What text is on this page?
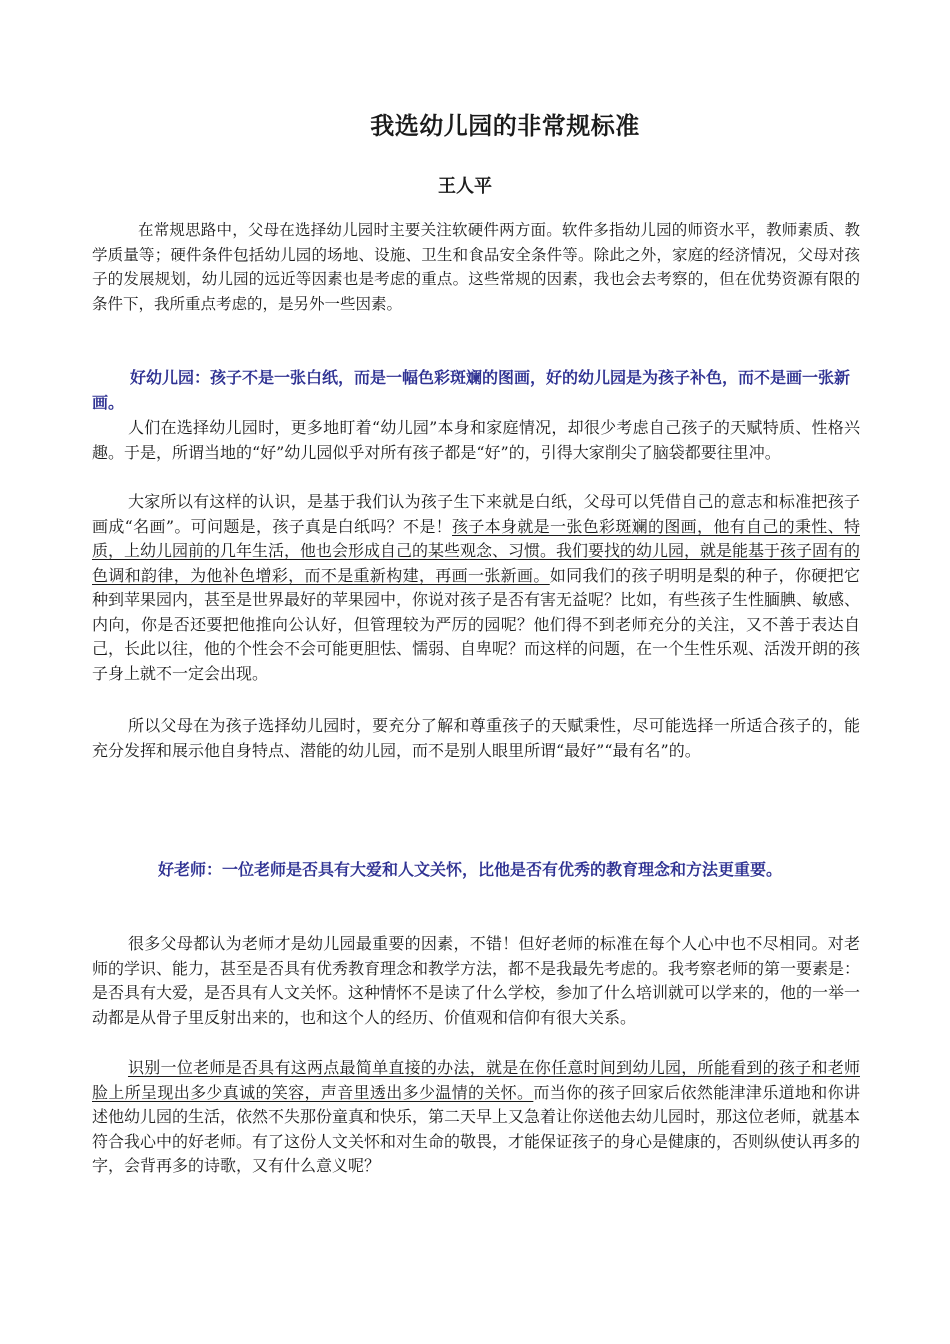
我选幼儿园的非常规标准
王人平

在常规思路中，父母在选择幼儿园时主要关注软硬件两方面。软件多指幼儿园的师资水平，教师素质、教学质量等；硬件条件包括幼儿园的场地、设施、卫生和食品安全条件等。除此之外，家庭的经济情况，父母对孩子的发展规划，幼儿园的远近等因素也是考虑的重点。这些常规的因素，我也会去考察的，但在优势资源有限的条件下，我所重点考虑的，是另外一些因素。

好幼儿园：孩子不是一张白纸，而是一幅色彩斑斓的图画，好的幼儿园是为孩子补色，而不是画一张新画。

人们在选择幼儿园时，更多地盯着“幼儿园”本身和家庭情况，却很少考虑自己孩子的天赋特质、性格兴趣。于是，所谓当地的“好”幼儿园似乎对所有孩子都是“好”的，引得大家削尖了脑袋都要往里冲。

大家所以有这样的认识，是基于我们认为孩子生下来就是白纸，父母可以凭借自己的意志和标准把孩子画成“名画”。可问题是，孩子真是白纸吗？不是！孩子本身就是一张色彩斑斓的图画，他有自己的秉性、特质，上幼儿园前的几年生活，他也会形成自己的某些观念、习惯。我们要找的幼儿园，就是能基于孩子固有的色调和韵律，为他补色增彩，而不是重新构建，再画一张新画。如同我们的孩子明明是梨的种子，你硬把它种到苹果园内，甚至是世界最好的苹果园中，你说对孩子是否有害无益呢？比如，有些孩子生性腼腆、敏感、内向，你是否还要把他推向公认好，但管理较为严厉的园呢？他们得不到老师充分的关注，又不善于表达自己，长此以往，他的个性会不会可能更胆怯、懦弱、自卑呢？而这样的问题，在一个生性乐观、活泼开朗的孩子身上就不一定会出现。

所以父母在为孩子选择幼儿园时，要充分了解和尊重孩子的天赋秉性，尽可能选择一所适合孩子的，能充分发挥和展示他自身特点、潜能的幼儿园，而不是别人眼里所谓“最好”“最有名”的。

好老师：一位老师是否具有大爱和人文关怀，比他是否有优秀的教育理念和方法更重要。

很多父母都认为老师才是幼儿园最重要的因素，不错！但好老师的标准在每个人心中也不尽相同。对老师的学识、能力，甚至是否具有优秀教育理念和教学方法，都不是我最先考虑的。我考察老师的第一要素是：是否具有大爱，是否具有人文关怀。这种情怀不是读了什么学校，参加了什么培训就可以学来的，他的一举一动都是从骨子里反射出来的，也和这个人的经历、价值观和信仰有很大关系。

识别一位老师是否具有这两点最简单直接的办法，就是在你任意时间到幼儿园，所能看到的孩子和老师脸上所呈现出多少真诚的笑容，声音里透出多少温情的关怀。而当你的孩子回家后依然能津津乐道地和你讲述他幼儿园的生活，依然不失那份童真和快乐，第二天早上又急着让你送他去幼儿园时，那这位老师，就基本符合我心中的好老师。有了这份人文关怀和对生命的敬畏，才能保证孩子的身心是健康的，否则纵使认再多的字，会背再多的诗歌，又有什么意义呢？
